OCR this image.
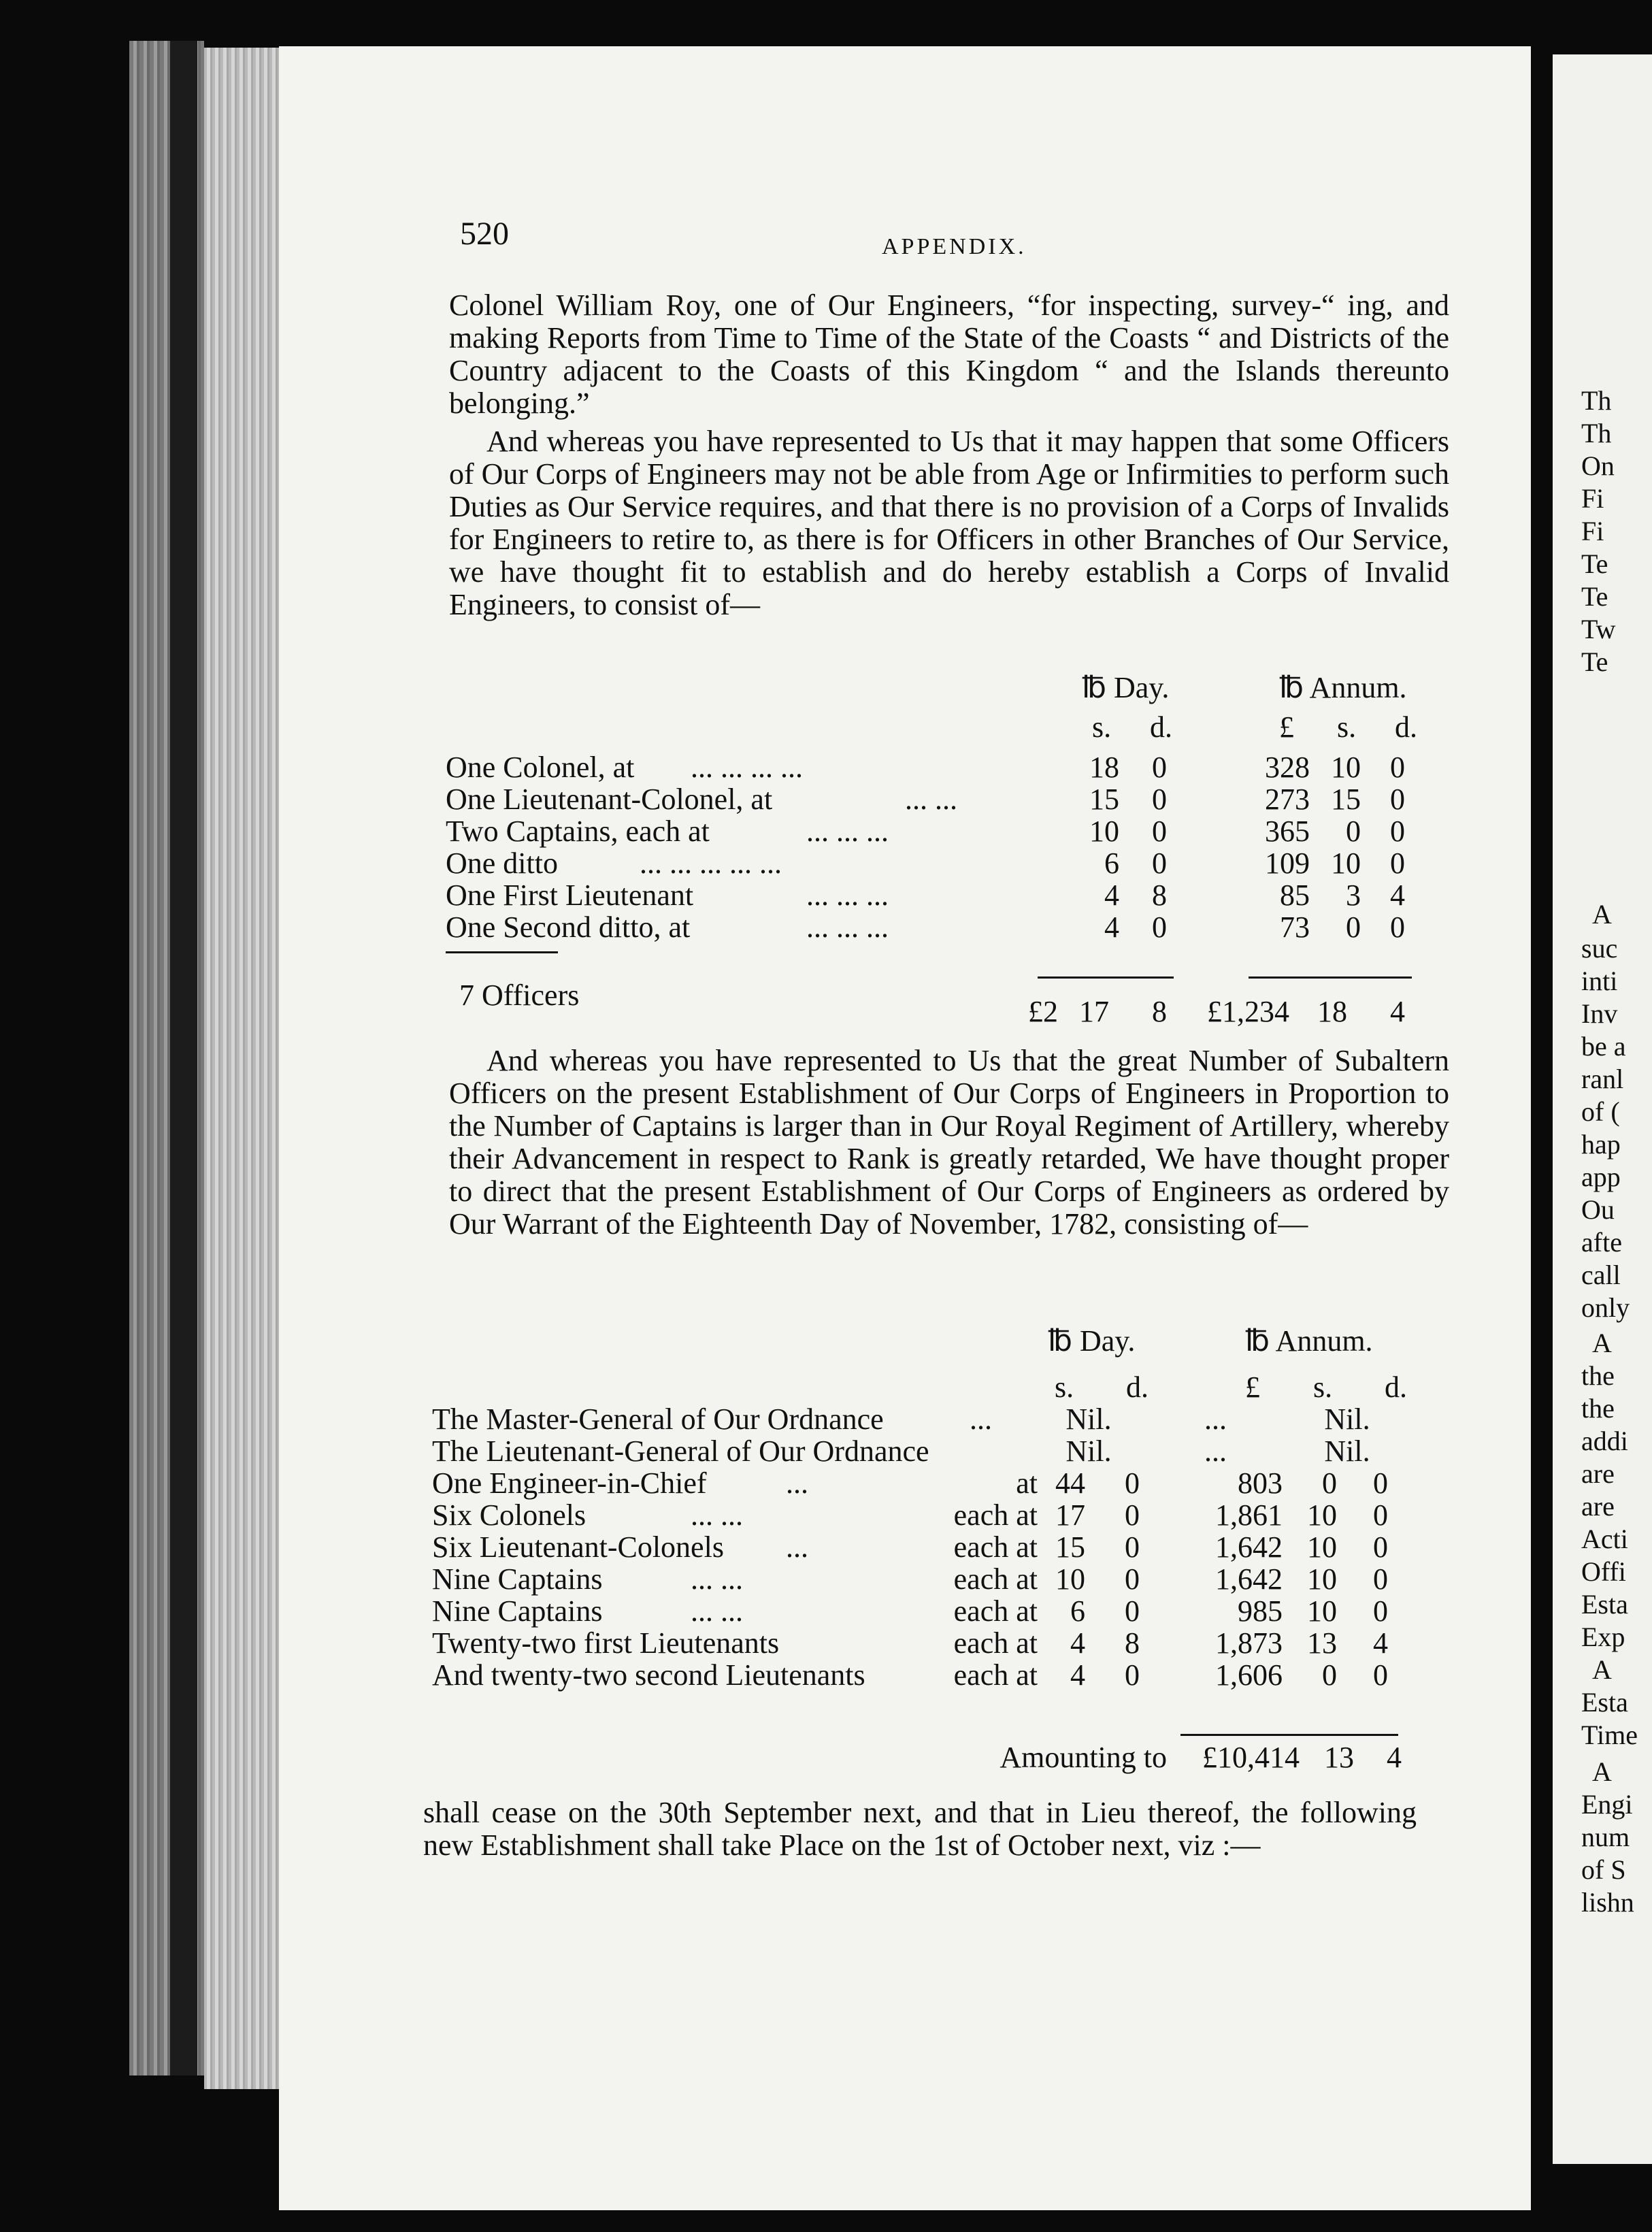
Th
Th
On
Fi
Fi
Te
Te
Tw
Te
A
suc
inti
Inv
be a
ranl
of (
hap
app
Ou
afte
call
only
A
the
the
addi
are
are
Acti
Offi
Esta
Exp
A
Esta
Time
A
Engi
num
of S
lishn
520	APPENDIX.

Colonel William Roy, one of Our Engineers, “for inspecting, survey-“ ing, and making Reports from Time to Time of the State of the Coasts “ and Districts of the Country adjacent to the Coasts of this Kingdom “ and the Islands thereunto belonging.”

And whereas you have represented to Us that it may happen that some Officers of Our Corps of Engineers may not be able from Age or Infirmities to perform such Duties as Our Service requires, and that there is no provision of a Corps of Invalids for Engineers to retire to, as there is for Officers in other Branches of Our Service, we have thought fit to establish and do hereby establish a Corps of Invalid Engineers, to consist of—

℔ Day.	℔ Annum.
s. d.	£ s. d.
One Colonel, at ... ... ... ...	18	0	328 10 0
One Lieutenant-Colonel, at	... ...	15	0	273 15 0
Two Captains, each at	... ... ...	10	0	365	0 0
One ditto	... ... ... ... ...	6	0	109 10 0
One First Lieutenant	... ... ...	4	8	85	3 4
One Second ditto, at	... ... ...	4	0	73	0 0
7 Officers	£2 17	8	£1,234 18	4

And whereas you have represented to Us that the great Number of Subaltern Officers on the present Establishment of Our Corps of Engineers in Proportion to the Number of Captains is larger than in Our Royal Regiment of Artillery, whereby their Advancement in respect to Rank is greatly retarded, We have thought proper to direct that the present Establishment of Our Corps of Engineers as ordered by Our Warrant of the Eighteenth Day of November, 1782, consisting of—

℔ Day.	℔ Annum.
s. d.	£ s. d.
The Master-General of Our Ordnance	...	Nil.	...	Nil.
The Lieutenant-General of Our Ordnance	Nil.	...	Nil.
One Engineer-in-Chief	...	at 44	0	803	0	0
Six Colonels	... ...	each at 17	0	1,861 10	0
Six Lieutenant-Colonels ...	each at 15	0	1,642 10	0
Nine Captains	... ...	each at 10	0	1,642 10	0
Nine Captains	... ...	each at	6	0	985 10	0
Twenty-two first Lieutenants	each at	4	8	1,873 13	4
And twenty-two second Lieutenants	each at	4	0	1,606	0	0
Amounting to	£10,414 13	4

shall cease on the 30th September next, and that in Lieu thereof, the following new Establishment shall take Place on the 1st of October next, viz :—
